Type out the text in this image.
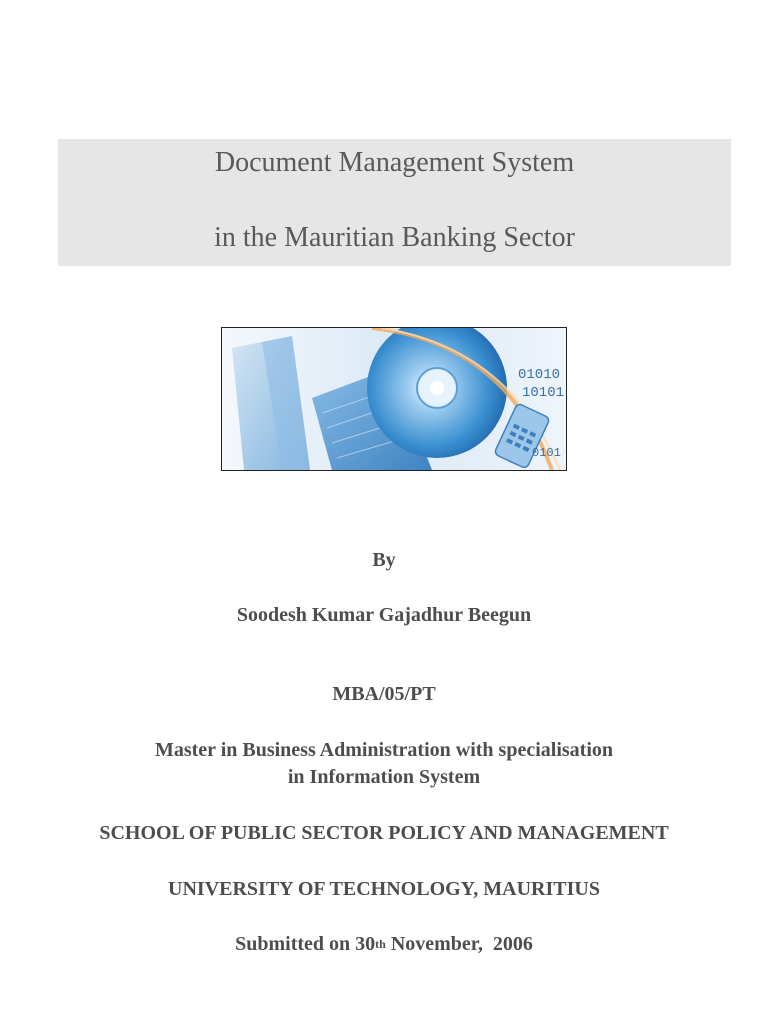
Document Management System
in the Mauritian Banking Sector
01010
10101
0101
By
Soodesh Kumar Gajadhur Beegun
MBA/05/PT
Master in Business Administration with specialisation
in Information System
SCHOOL OF PUBLIC SECTOR POLICY AND MANAGEMENT
UNIVERSITY OF TECHNOLOGY, MAURITIUS
Submitted on 30th November,  2006
